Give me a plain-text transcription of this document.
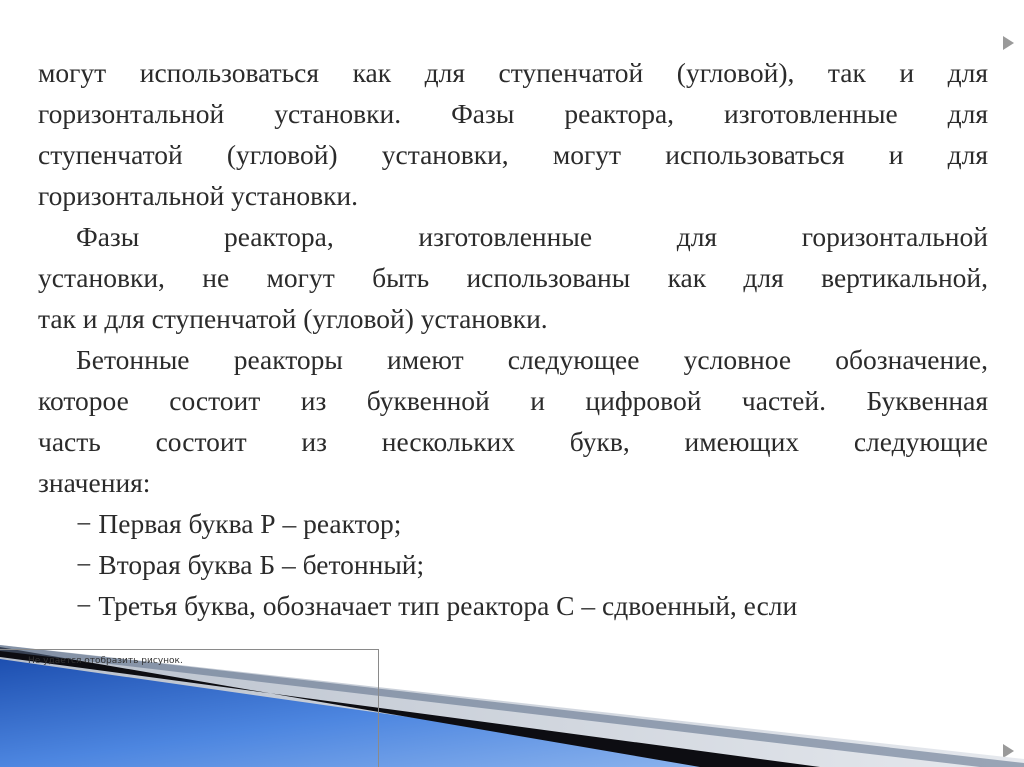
Не удается отобразить рисунок.

могут использоваться как для ступенчатой (угловой), так и для

горизонтальной установки. Фазы реактора, изготовленные для

ступенчатой (угловой) установки, могут использоваться и для

горизонтальной установки.

Фазы реактора, изготовленные для горизонтальной

установки, не могут быть использованы как для вертикальной,

так и для ступенчатой (угловой) установки.

Бетонные реакторы имеют следующее условное обозначение,

которое состоит из буквенной и цифровой частей. Буквенная

часть состоит из нескольких букв, имеющих следующие

значения:

− Первая буква Р – реактор;

− Вторая буква Б – бетонный;

− Третья буква, обозначает тип реактора С – сдвоенный, если
